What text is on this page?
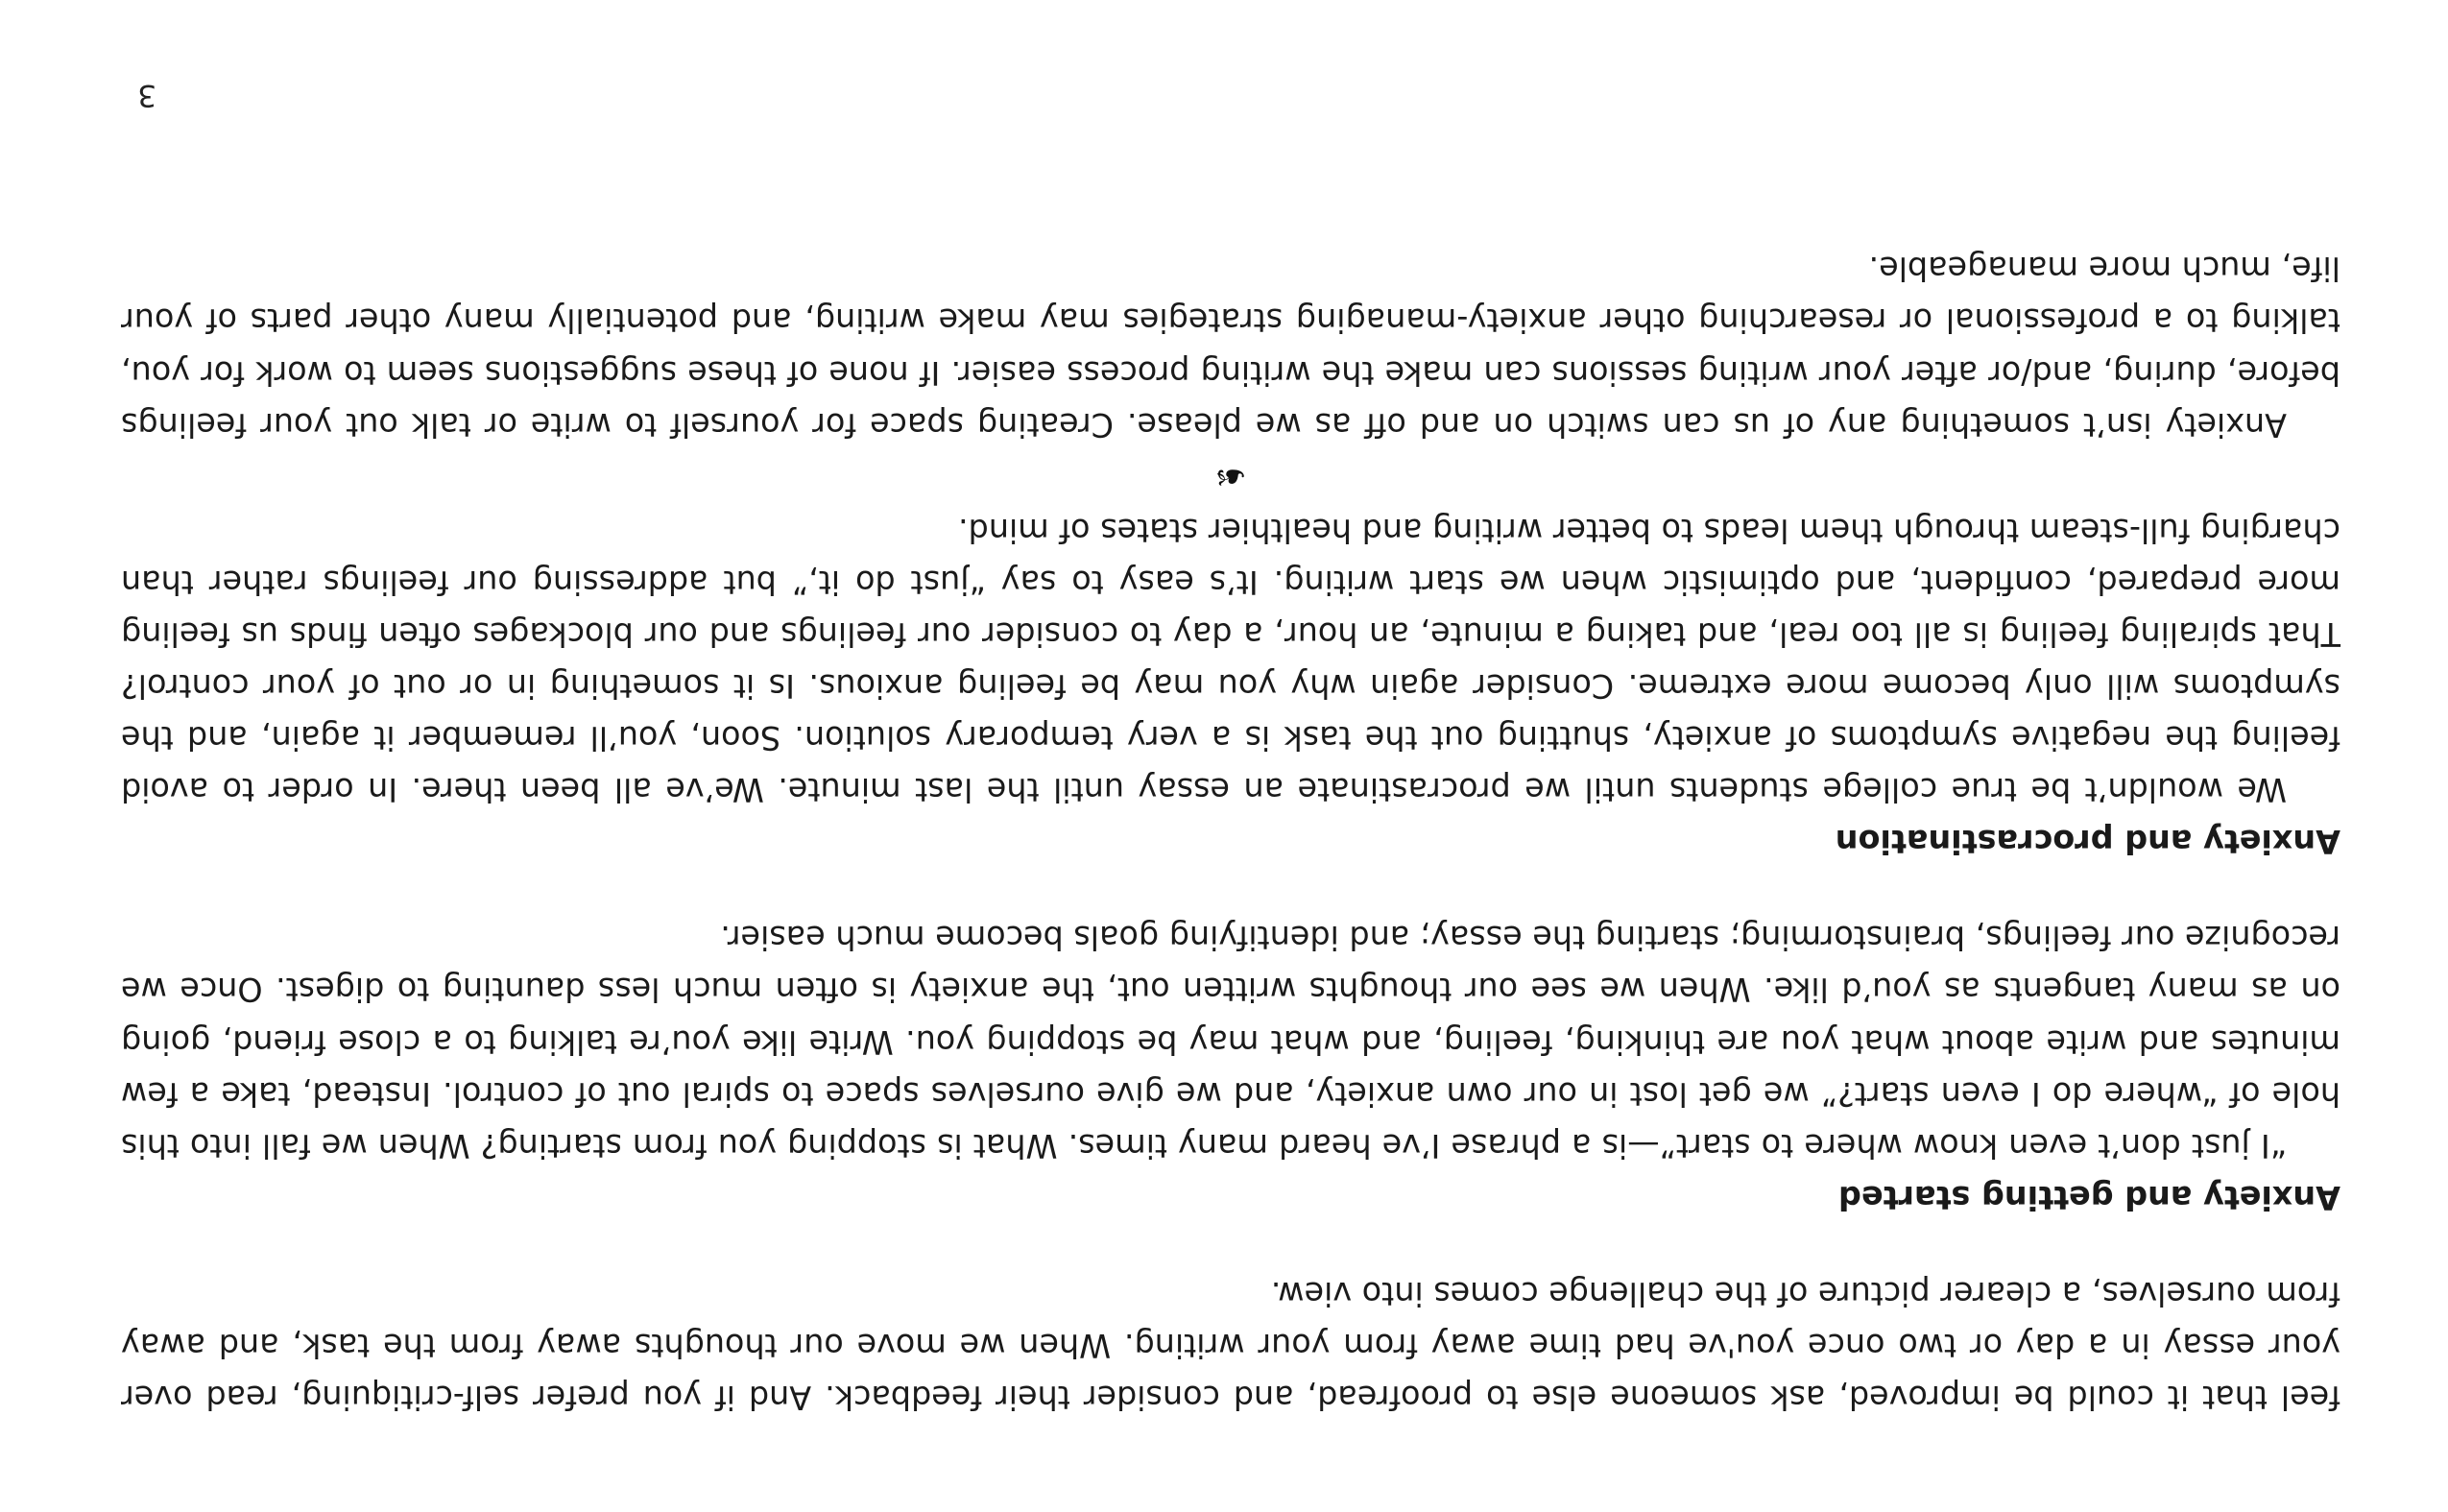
feel that it could be improved, ask someone else to proofread, and consider their feedback. And if you prefer self-critiquing, read over your essay in a day or two once you've had time away from your writing. When we move our thoughts away from the task, and away from ourselves, a clearer picture of the challenge comes into view.

Anxiety and getting started

“I just don’t even know where to start”—is a phrase I’ve heard many times. What is stopping you from starting? When we fall into this hole of “where do I even start?” we get lost in our own anxiety, and we give ourselves space to spiral out of control. Instead, take a few minutes and write about what you are thinking, feeling, and what may be stopping you. Write like you’re talking to a close friend, going on as many tangents as you’d like. When we see our thoughts written out, the anxiety is often much less daunting to digest. Once we recognize our feelings, brainstorming; starting the essay; and identifying goals become much easier.

Anxiety and procrastination

We wouldn’t be true college students until we procrastinate an essay until the last minute. We’ve all been there. In order to avoid feeling the negative symptoms of anxiety, shutting out the task is a very temporary solution. Soon, you’ll remember it again, and the symptoms will only become more extreme. Consider again why you may be feeling anxious. Is it something in or out of your control? That spiraling feeling is all too real, and taking a minute, an hour, a day to consider our feelings and our blockages often finds us feeling more prepared, confident, and optimistic when we start writing. It’s easy to say “just do it,” but addressing our feelings rather than charging full-steam through them leads to better writing and healthier states of mind.

☙

Anxiety isn’t something any of us can switch on and off as we please. Creating space for yourself to write or talk out your feelings before, during, and/or after your writing sessions can make the writing process easier. If none of these suggestions seem to work for you, talking to a professional or researching other anxiety-managing strategies may make writing, and potentially many other parts of your life, much more manageable.

3
